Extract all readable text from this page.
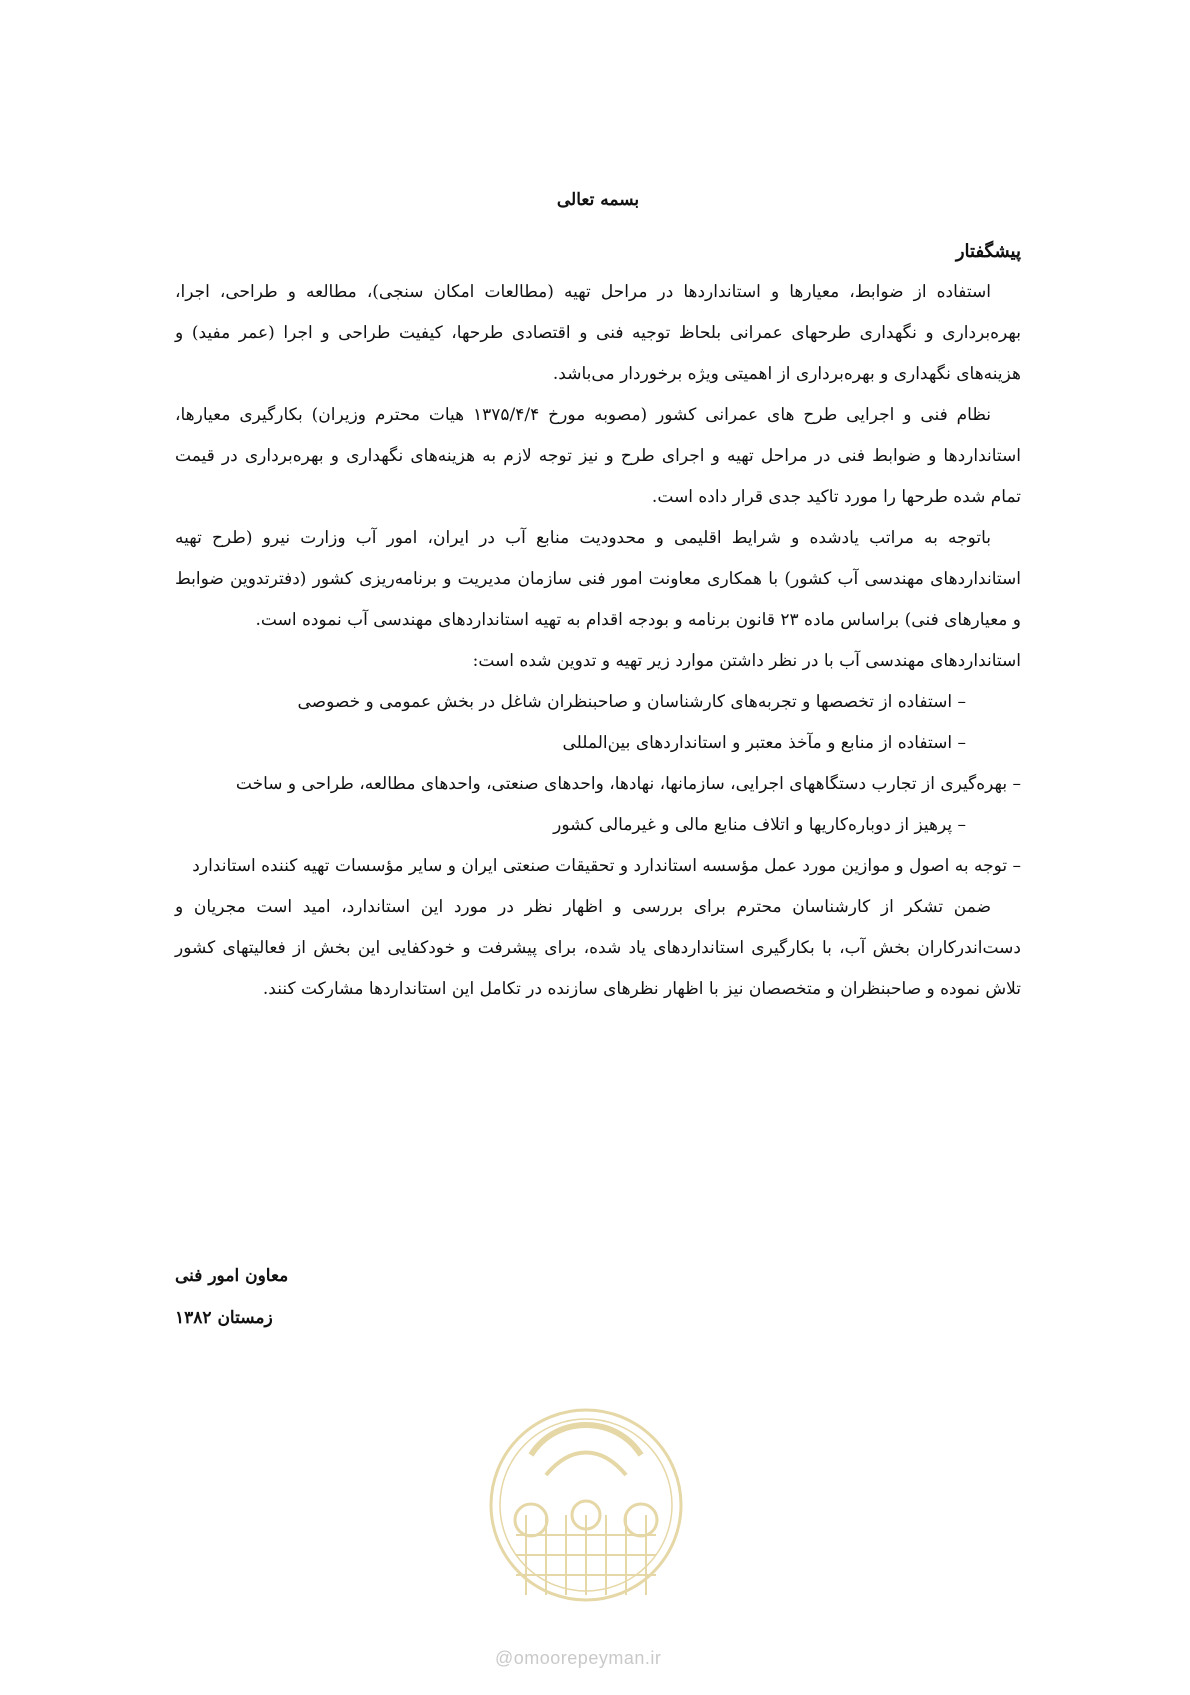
بسمه تعالی

پیشگفتار

استفاده از ضوابط، معیارها و استانداردها در مراحل تهیه (مطالعات امکان سنجی)، مطالعه و طراحی، اجرا، بهره‌برداری و نگهداری طرحهای عمرانی بلحاظ توجیه فنی و اقتصادی طرحها، کیفیت طراحی و اجرا (عمر مفید) و هزینه‌های نگهداری و بهره‌برداری از اهمیتی ویژه برخوردار می‌باشد.

نظام فنی و اجرایی طرح های عمرانی کشور (مصوبه مورخ ۱۳۷۵/۴/۴ هیات محترم وزیران) بکارگیری معیارها، استانداردها و ضوابط فنی در مراحل تهیه و اجرای طرح و نیز توجه لازم به هزینه‌های نگهداری و بهره‌برداری در قیمت تمام شده طرحها را مورد تاکید جدی قرار داده است.

باتوجه به مراتب یادشده و شرایط اقلیمی و محدودیت منابع آب در ایران، امور آب وزارت نیرو (طرح تهیه استانداردهای مهندسی آب کشور) با همکاری معاونت امور فنی سازمان مدیریت و برنامه‌ریزی کشور (دفترتدوین ضوابط و معیارهای فنی) براساس ماده ۲۳ قانون برنامه و بودجه اقدام به تهیه استانداردهای مهندسی آب نموده است.

استانداردهای مهندسی آب با در نظر داشتن موارد زیر تهیه و تدوین شده است:

– استفاده از تخصصها و تجربه‌های کارشناسان و صاحبنظران شاغل در بخش عمومی و خصوصی
– استفاده از منابع و مآخذ معتبر و استانداردهای بین‌المللی
– بهره‌گیری از تجارب دستگاههای اجرایی، سازمانها، نهادها، واحدهای صنعتی، واحدهای مطالعه، طراحی و ساخت
– پرهیز از دوباره‌کاریها و اتلاف منابع مالی و غیرمالی کشور
– توجه به اصول و موازین مورد عمل مؤسسه استاندارد و تحقیقات صنعتی ایران و سایر مؤسسات تهیه کننده استاندارد

ضمن تشکر از کارشناسان محترم برای بررسی و اظهار نظر در مورد این استاندارد، امید است مجریان و دست‌اندرکاران بخش آب، با بکارگیری استانداردهای یاد شده، برای پیشرفت و خودکفایی این بخش از فعالیتهای کشور تلاش نموده و صاحبنظران و متخصصان نیز با اظهار نظرهای سازنده در تکامل این استانداردها مشارکت کنند.

معاون امور فنی
زمستان ۱۳۸۲
@omoorepeyman.ir
